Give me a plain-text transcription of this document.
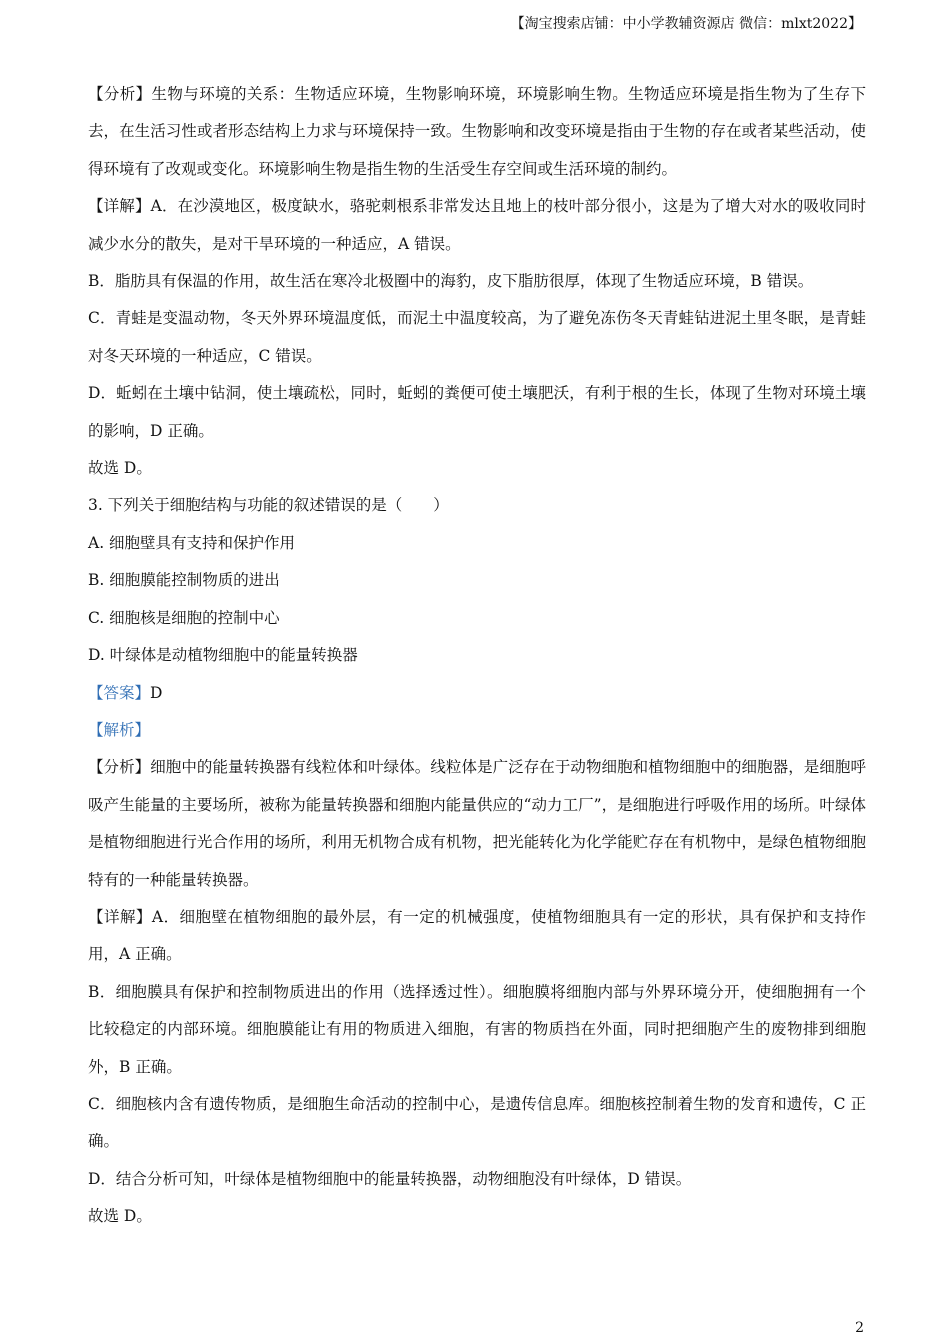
【淘宝搜索店铺：中小学教辅资源店 微信：mlxt2022】

【分析】生物与环境的关系：生物适应环境，生物影响环境，环境影响生物。生物适应环境是指生物为了生存下去，在生活习性或者形态结构上力求与环境保持一致。生物影响和改变环境是指由于生物的存在或者某些活动，使得环境有了改观或变化。环境影响生物是指生物的生活受生存空间或生活环境的制约。

【详解】A．在沙漠地区，极度缺水，骆驼刺根系非常发达且地上的枝叶部分很小，这是为了增大对水的吸收同时减少水分的散失，是对干旱环境的一种适应，A 错误。

B．脂肪具有保温的作用，故生活在寒冷北极圈中的海豹，皮下脂肪很厚，体现了生物适应环境，B 错误。

C．青蛙是变温动物，冬天外界环境温度低，而泥土中温度较高，为了避免冻伤冬天青蛙钻进泥土里冬眠，是青蛙对冬天环境的一种适应，C 错误。

D．蚯蚓在土壤中钻洞，使土壤疏松，同时，蚯蚓的粪便可使土壤肥沃，有利于根的生长，体现了生物对环境土壤的影响，D 正确。

故选 D。

3. 下列关于细胞结构与功能的叙述错误的是（　　）

A. 细胞壁具有支持和保护作用

B. 细胞膜能控制物质的进出

C. 细胞核是细胞的控制中心

D. 叶绿体是动植物细胞中的能量转换器

【答案】D

【解析】

【分析】细胞中的能量转换器有线粒体和叶绿体。线粒体是广泛存在于动物细胞和植物细胞中的细胞器，是细胞呼吸产生能量的主要场所，被称为能量转换器和细胞内能量供应的“动力工厂”，是细胞进行呼吸作用的场所。叶绿体是植物细胞进行光合作用的场所，利用无机物合成有机物，把光能转化为化学能贮存在有机物中，是绿色植物细胞特有的一种能量转换器。

【详解】A．细胞壁在植物细胞的最外层，有一定的机械强度，使植物细胞具有一定的形状，具有保护和支持作用，A 正确。

B．细胞膜具有保护和控制物质进出的作用（选择透过性）。细胞膜将细胞内部与外界环境分开，使细胞拥有一个比较稳定的内部环境。细胞膜能让有用的物质进入细胞，有害的物质挡在外面，同时把细胞产生的废物排到细胞外，B 正确。

C．细胞核内含有遗传物质，是细胞生命活动的控制中心，是遗传信息库。细胞核控制着生物的发育和遗传，C 正确。

D．结合分析可知，叶绿体是植物细胞中的能量转换器，动物细胞没有叶绿体，D 错误。

故选 D。

2
